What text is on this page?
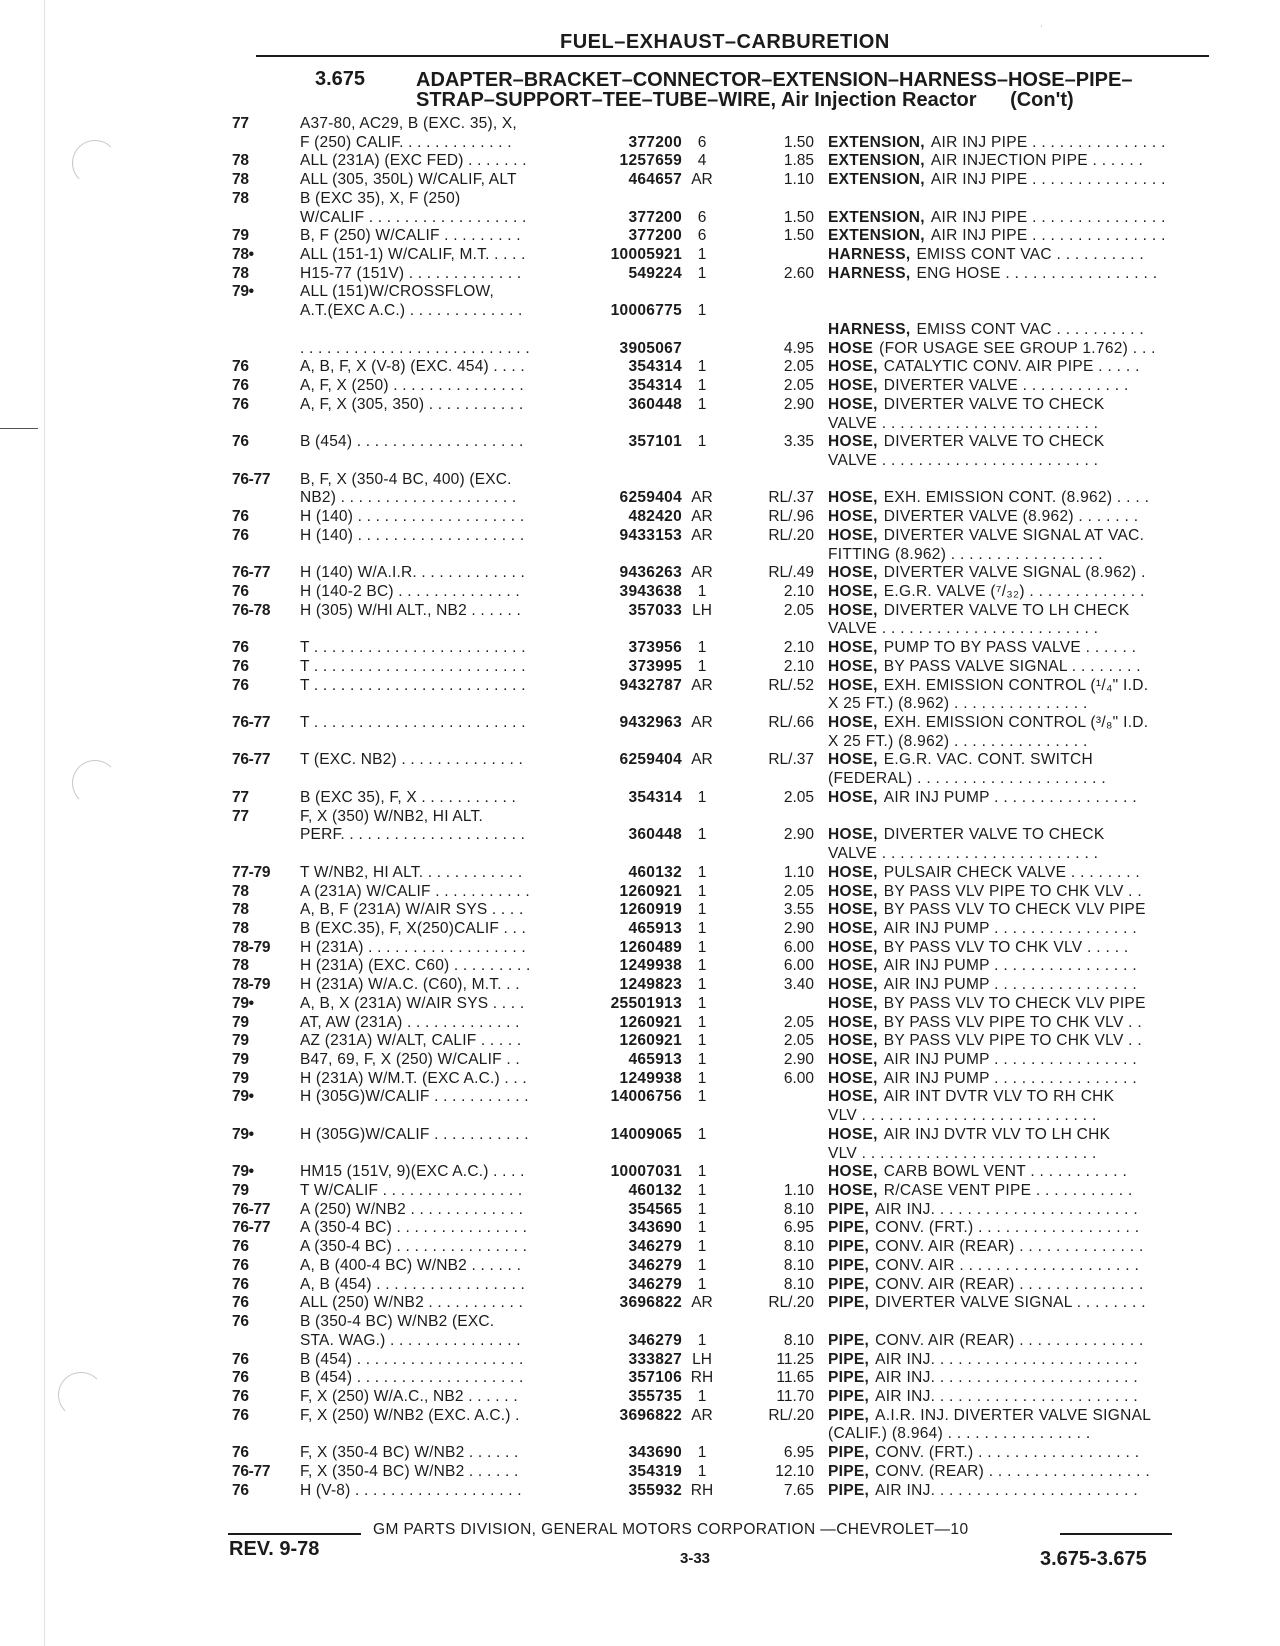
ʿ
FUEL–EXHAUST–CARBURETION
3.675	ADAPTER–BRACKET–CONNECTOR–EXTENSION–HARNESS–HOSE–PIPE–
STRAP–SUPPORT–TEE–TUBE–WIRE, Air Injection Reactor (Con't)
77	A37-80, AC29, B (EXC. 35), X,
F (250) CALIF. . . . . . . . . . . . .	377200	6	1.50 EXTENSION, AIR INJ PIPE . . . . . . . . . . . . . . .
78	ALL (231A) (EXC FED) . . . . . . .	1257659	4	1.85 EXTENSION, AIR INJECTION PIPE . . . . . .
78	ALL (305, 350L) W/CALIF, ALT	464657 AR	1.10 EXTENSION, AIR INJ PIPE . . . . . . . . . . . . . . .
78	B (EXC 35), X, F (250)
W/CALIF . . . . . . . . . . . . . . . . . .	377200	6	1.50 EXTENSION, AIR INJ PIPE . . . . . . . . . . . . . . .
79	B, F (250) W/CALIF . . . . . . . . .	377200	6	1.50 EXTENSION, AIR INJ PIPE . . . . . . . . . . . . . . .
78•	ALL (151-1) W/CALIF, M.T. . . . .	10005921	1	HARNESS, EMISS CONT VAC . . . . . . . . . .
78	H15-77 (151V) . . . . . . . . . . . . .	549224	1	2.60 HARNESS, ENG HOSE . . . . . . . . . . . . . . . . .
79•	ALL (151)W/CROSSFLOW,
A.T.(EXC A.C.) . . . . . . . . . . . . .	10006775	1
HARNESS, EMISS CONT VAC . . . . . . . . . .
. . . . . . . . . . . . . . . . . . . . . . . . . .	3905067	4.95 HOSE (FOR USAGE SEE GROUP 1.762) . . .
76	A, B, F, X (V-8) (EXC. 454) . . . .	354314	1	2.05 HOSE, CATALYTIC CONV. AIR PIPE . . . . .
76	A, F, X (250) . . . . . . . . . . . . . . .	354314	1	2.05 HOSE, DIVERTER VALVE . . . . . . . . . . . .
76	A, F, X (305, 350) . . . . . . . . . . .	360448	1	2.90 HOSE, DIVERTER VALVE TO CHECK
VALVE . . . . . . . . . . . . . . . . . . . . . . . .
76	B (454) . . . . . . . . . . . . . . . . . . .	357101	1	3.35 HOSE, DIVERTER VALVE TO CHECK
VALVE . . . . . . . . . . . . . . . . . . . . . . . .
76-77	B, F, X (350-4 BC, 400) (EXC.
NB2) . . . . . . . . . . . . . . . . . . . .	6259404 AR	RL/.37 HOSE, EXH. EMISSION CONT. (8.962) . . . .
76	H (140) . . . . . . . . . . . . . . . . . . .	482420 AR	RL/.96 HOSE, DIVERTER VALVE (8.962) . . . . . . .
76	H (140) . . . . . . . . . . . . . . . . . . .	9433153 AR	RL/.20 HOSE, DIVERTER VALVE SIGNAL AT VAC.
FITTING (8.962) . . . . . . . . . . . . . . . . .
76-77	H (140) W/A.I.R. . . . . . . . . . . . .	9436263 AR	RL/.49 HOSE, DIVERTER VALVE SIGNAL (8.962) .
76	H (140-2 BC) . . . . . . . . . . . . . .	3943638	1	2.10 HOSE, E.G.R. VALVE (⁷/₃₂) . . . . . . . . . . . . .
76-78	H (305) W/HI ALT., NB2 . . . . . .	357033 LH	2.05 HOSE, DIVERTER VALVE TO LH CHECK
VALVE . . . . . . . . . . . . . . . . . . . . . . . .
76	T . . . . . . . . . . . . . . . . . . . . . . . .	373956	1	2.10 HOSE, PUMP TO BY PASS VALVE . . . . . .
76	T . . . . . . . . . . . . . . . . . . . . . . . .	373995	1	2.10 HOSE, BY PASS VALVE SIGNAL . . . . . . . .
76	T . . . . . . . . . . . . . . . . . . . . . . . .	9432787 AR	RL/.52 HOSE, EXH. EMISSION CONTROL (¹/₄" I.D.
X 25 FT.) (8.962) . . . . . . . . . . . . . . .
76-77	T . . . . . . . . . . . . . . . . . . . . . . . .	9432963 AR	RL/.66 HOSE, EXH. EMISSION CONTROL (³/₈" I.D.
X 25 FT.) (8.962) . . . . . . . . . . . . . . .
76-77	T (EXC. NB2) . . . . . . . . . . . . . .	6259404 AR	RL/.37 HOSE, E.G.R. VAC. CONT. SWITCH
(FEDERAL) . . . . . . . . . . . . . . . . . . . . .
77	B (EXC 35), F, X . . . . . . . . . . .	354314	1	2.05 HOSE, AIR INJ PUMP . . . . . . . . . . . . . . . .
77	F, X (350) W/NB2, HI ALT.
PERF. . . . . . . . . . . . . . . . . . . . .	360448	1	2.90 HOSE, DIVERTER VALVE TO CHECK
VALVE . . . . . . . . . . . . . . . . . . . . . . . .
77-79	T W/NB2, HI ALT. . . . . . . . . . . .	460132	1	1.10 HOSE, PULSAIR CHECK VALVE . . . . . . . .
78	A (231A) W/CALIF . . . . . . . . . . .	1260921	1	2.05 HOSE, BY PASS VLV PIPE TO CHK VLV . .
78	A, B, F (231A) W/AIR SYS . . . .	1260919	1	3.55 HOSE, BY PASS VLV TO CHECK VLV PIPE
78	B (EXC.35), F, X(250)CALIF . . .	465913	1	2.90 HOSE, AIR INJ PUMP . . . . . . . . . . . . . . . .
78-79	H (231A) . . . . . . . . . . . . . . . . . .	1260489	1	6.00 HOSE, BY PASS VLV TO CHK VLV . . . . .
78	H (231A) (EXC. C60) . . . . . . . . .	1249938	1	6.00 HOSE, AIR INJ PUMP . . . . . . . . . . . . . . . .
78-79	H (231A) W/A.C. (C60), M.T. . .	1249823	1	3.40 HOSE, AIR INJ PUMP . . . . . . . . . . . . . . . .
79•	A, B, X (231A) W/AIR SYS . . . .	25501913	1	HOSE, BY PASS VLV TO CHECK VLV PIPE
79	AT, AW (231A) . . . . . . . . . . . . .	1260921	1	2.05 HOSE, BY PASS VLV PIPE TO CHK VLV . .
79	AZ (231A) W/ALT, CALIF . . . . .	1260921	1	2.05 HOSE, BY PASS VLV PIPE TO CHK VLV . .
79	B47, 69, F, X (250) W/CALIF . .	465913	1	2.90 HOSE, AIR INJ PUMP . . . . . . . . . . . . . . . .
79	H (231A) W/M.T. (EXC A.C.) . . .	1249938	1	6.00 HOSE, AIR INJ PUMP . . . . . . . . . . . . . . . .
79•	H (305G)W/CALIF . . . . . . . . . . .	14006756	1	HOSE, AIR INT DVTR VLV TO RH CHK
VLV . . . . . . . . . . . . . . . . . . . . . . . . . .
79•	H (305G)W/CALIF . . . . . . . . . . .	14009065	1	HOSE, AIR INJ DVTR VLV TO LH CHK
VLV . . . . . . . . . . . . . . . . . . . . . . . . . .
79•	HM15 (151V, 9)(EXC A.C.) . . . .	10007031	1	HOSE, CARB BOWL VENT . . . . . . . . . . .
79	T W/CALIF . . . . . . . . . . . . . . . .	460132	1	1.10 HOSE, R/CASE VENT PIPE . . . . . . . . . . .
76-77	A (250) W/NB2 . . . . . . . . . . . . .	354565	1	8.10 PIPE, AIR INJ. . . . . . . . . . . . . . . . . . . . . . .
76-77	A (350-4 BC) . . . . . . . . . . . . . . .	343690	1	6.95 PIPE, CONV. (FRT.) . . . . . . . . . . . . . . . . . .
76	A (350-4 BC) . . . . . . . . . . . . . . .	346279	1	8.10 PIPE, CONV. AIR (REAR) . . . . . . . . . . . . . .
76	A, B (400-4 BC) W/NB2 . . . . . .	346279	1	8.10 PIPE, CONV. AIR . . . . . . . . . . . . . . . . . . . .
76	A, B (454) . . . . . . . . . . . . . . . . .	346279	1	8.10 PIPE, CONV. AIR (REAR) . . . . . . . . . . . . . .
76	ALL (250) W/NB2 . . . . . . . . . . .	3696822 AR	RL/.20 PIPE, DIVERTER VALVE SIGNAL . . . . . . . .
76	B (350-4 BC) W/NB2 (EXC.
STA. WAG.) . . . . . . . . . . . . . . .	346279	1	8.10 PIPE, CONV. AIR (REAR) . . . . . . . . . . . . . .
76	B (454) . . . . . . . . . . . . . . . . . . .	333827 LH	11.25 PIPE, AIR INJ. . . . . . . . . . . . . . . . . . . . . . .
76	B (454) . . . . . . . . . . . . . . . . . . .	357106 RH	11.65 PIPE, AIR INJ. . . . . . . . . . . . . . . . . . . . . . .
76	F, X (250) W/A.C., NB2 . . . . . .	355735	1	11.70 PIPE, AIR INJ. . . . . . . . . . . . . . . . . . . . . . .
76	F, X (250) W/NB2 (EXC. A.C.) .	3696822 AR	RL/.20 PIPE, A.I.R. INJ. DIVERTER VALVE SIGNAL
(CALIF.) (8.964) . . . . . . . . . . . . . . . .
76	F, X (350-4 BC) W/NB2 . . . . . .	343690	1	6.95 PIPE, CONV. (FRT.) . . . . . . . . . . . . . . . . . .
76-77	F, X (350-4 BC) W/NB2 . . . . . .	354319	1	12.10 PIPE, CONV. (REAR) . . . . . . . . . . . . . . . . . .
76	H (V-8) . . . . . . . . . . . . . . . . . . .	355932 RH	7.65 PIPE, AIR INJ. . . . . . . . . . . . . . . . . . . . . . .
GM PARTS DIVISION, GENERAL MOTORS CORPORATION —CHEVROLET—10
REV. 9-78	3-33	3.675-3.675
